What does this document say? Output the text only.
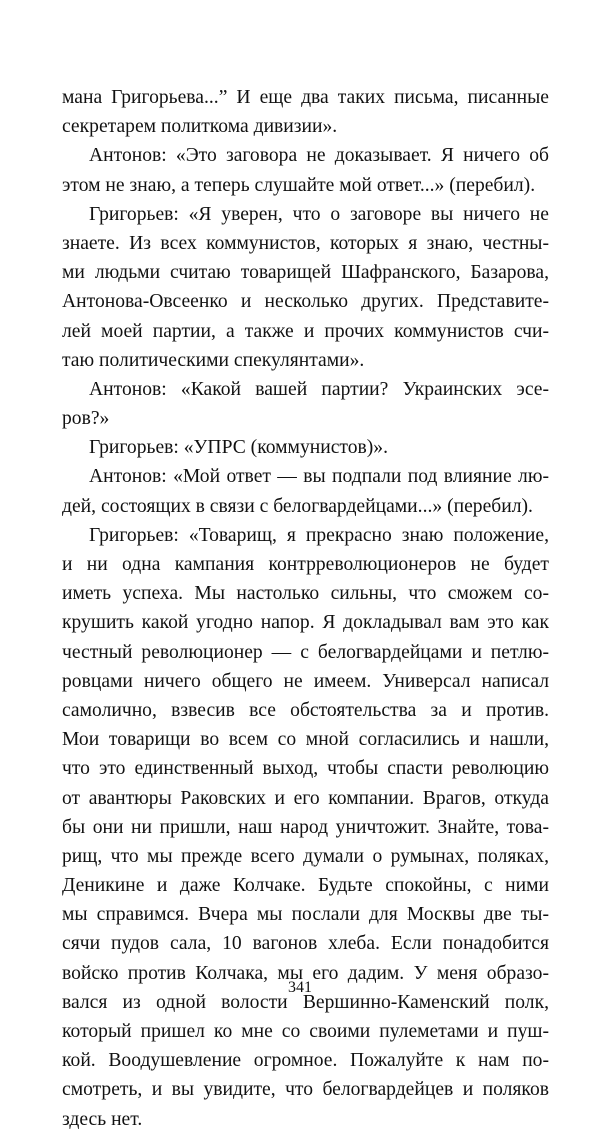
мана Григорьева...” И еще два таких письма, писанные
секретарем политкома дивизии».
Антонов: «Это заговора не доказывает. Я ничего об
этом не знаю, а теперь слушайте мой ответ...» (перебил).
Григорьев: «Я уверен, что о заговоре вы ничего не
знаете. Из всех коммунистов, которых я знаю, честны-
ми людьми считаю товарищей Шафранского, Базарова,
Антонова-Овсеенко и несколько других. Представите-
лей моей партии, а также и прочих коммунистов счи-
таю политическими спекулянтами».
Антонов: «Какой вашей партии? Украинских эсе-
ров?»
Григорьев: «УПРС (коммунистов)».
Антонов: «Мой ответ — вы подпали под влияние лю-
дей, состоящих в связи с белогвардейцами...» (перебил).
Григорьев: «Товарищ, я прекрасно знаю положение,
и ни одна кампания контрреволюционеров не будет
иметь успеха. Мы настолько сильны, что сможем со-
крушить какой угодно напор. Я докладывал вам это как
честный революционер — с белогвардейцами и петлю-
ровцами ничего общего не имеем. Универсал написал
самолично, взвесив все обстоятельства за и против.
Мои товарищи во всем со мной согласились и нашли,
что это единственный выход, чтобы спасти революцию
от авантюры Раковских и его компании. Врагов, откуда
бы они ни пришли, наш народ уничтожит. Знайте, това-
рищ, что мы прежде всего думали о румынах, поляках,
Деникине и даже Колчаке. Будьте спокойны, с ними
мы справимся. Вчера мы послали для Москвы две ты-
сячи пудов сала, 10 вагонов хлеба. Если понадобится
войско против Колчака, мы его дадим. У меня образо-
вался из одной волости Вершинно-Каменский полк,
который пришел ко мне со своими пулеметами и пуш-
кой. Воодушевление огромное. Пожалуйте к нам по-
смотреть, и вы увидите, что белогвардейцев и поляков
здесь нет.
341
